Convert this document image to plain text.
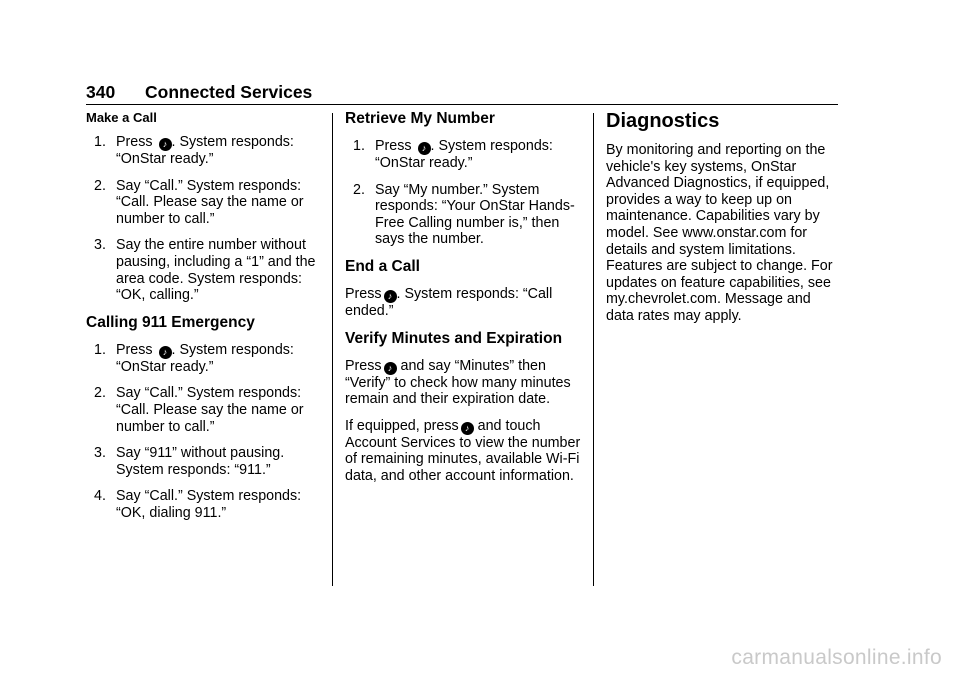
340 Connected Services
Make a Call
1. Press ♪ . System responds: “OnStar ready.”
2. Say “Call.” System responds: “Call. Please say the name or number to call.”
3. Say the entire number without pausing, including a “1” and the area code. System responds: “OK, calling.”
Calling 911 Emergency
1. Press ♪ . System responds: “OnStar ready.”
2. Say “Call.” System responds: “Call. Please say the name or number to call.”
3. Say “911” without pausing. System responds: “911.”
4. Say “Call.” System responds: “OK, dialing 911.”
Retrieve My Number
1. Press ♪ . System responds: “OnStar ready.”
2. Say “My number.” System responds: “Your OnStar Hands-Free Calling number is,” then says the number.
End a Call

Press ♪ . System responds: “Call ended.”

Verify Minutes and Expiration

Press ♪ and say “Minutes” then “Verify” to check how many minutes remain and their expiration date.

If equipped, press ♪ and touch Account Services to view the number of remaining minutes, available Wi-Fi data, and other account information.

Diagnostics

By monitoring and reporting on the vehicle's key systems, OnStar Advanced Diagnostics, if equipped, provides a way to keep up on maintenance. Capabilities vary by model. See www.onstar.com for details and system limitations. Features are subject to change. For updates on feature capabilities, see my.chevrolet.com. Message and data rates may apply.

carmanualsonline.info
